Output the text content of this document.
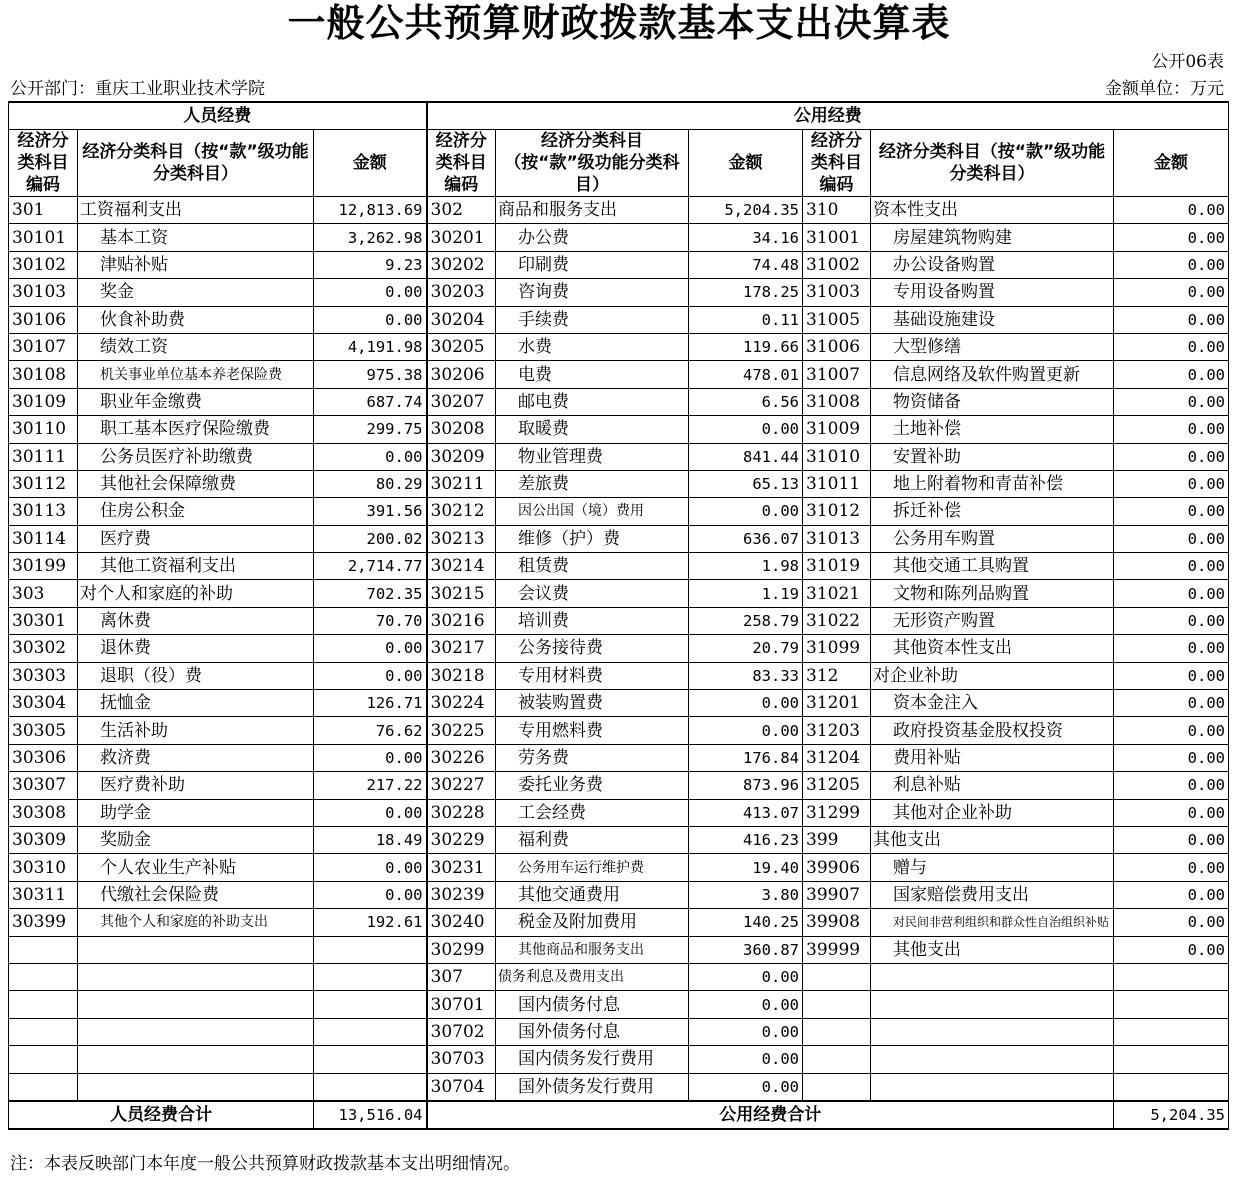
一般公共预算财政拨款基本支出决算表
公开06表
公开部门：重庆工业职业技术学院	金额单位：万元
人员经费			公用经费					
经济分类科目编码	经济分类科目（按“款”级功能分类科目）	金额	经济分类科目编码	经济分类科目（按“款”级功能分类科目）	金额	经济分类科目编码	经济分类科目（按“款”级功能分类科目）	金额
301	工资福利支出	12,813.69	302	商品和服务支出	5,204.35	310	资本性支出	0.00
30101	基本工资	3,262.98	30201	办公费	34.16	31001	房屋建筑物购建	0.00
30102	津贴补贴	9.23	30202	印刷费	74.48	31002	办公设备购置	0.00
30103	奖金	0.00	30203	咨询费	178.25	31003	专用设备购置	0.00
30106	伙食补助费	0.00	30204	手续费	0.11	31005	基础设施建设	0.00
30107	绩效工资	4,191.98	30205	水费	119.66	31006	大型修缮	0.00
30108	机关事业单位基本养老保险费	975.38	30206	电费	478.01	31007	信息网络及软件购置更新	0.00
30109	职业年金缴费	687.74	30207	邮电费	6.56	31008	物资储备	0.00
30110	职工基本医疗保险缴费	299.75	30208	取暖费	0.00	31009	土地补偿	0.00
30111	公务员医疗补助缴费	0.00	30209	物业管理费	841.44	31010	安置补助	0.00
30112	其他社会保障缴费	80.29	30211	差旅费	65.13	31011	地上附着物和青苗补偿	0.00
30113	住房公积金	391.56	30212	因公出国（境）费用	0.00	31012	拆迁补偿	0.00
30114	医疗费	200.02	30213	维修（护）费	636.07	31013	公务用车购置	0.00
30199	其他工资福利支出	2,714.77	30214	租赁费	1.98	31019	其他交通工具购置	0.00
303	对个人和家庭的补助	702.35	30215	会议费	1.19	31021	文物和陈列品购置	0.00
30301	离休费	70.70	30216	培训费	258.79	31022	无形资产购置	0.00
30302	退休费	0.00	30217	公务接待费	20.79	31099	其他资本性支出	0.00
30303	退职（役）费	0.00	30218	专用材料费	83.33	312	对企业补助	0.00
30304	抚恤金	126.71	30224	被装购置费	0.00	31201	资本金注入	0.00
30305	生活补助	76.62	30225	专用燃料费	0.00	31203	政府投资基金股权投资	0.00
30306	救济费	0.00	30226	劳务费	176.84	31204	费用补贴	0.00
30307	医疗费补助	217.22	30227	委托业务费	873.96	31205	利息补贴	0.00
30308	助学金	0.00	30228	工会经费	413.07	31299	其他对企业补助	0.00
30309	奖励金	18.49	30229	福利费	416.23	399	其他支出	0.00
30310	个人农业生产补贴	0.00	30231	公务用车运行维护费	19.40	39906	赠与	0.00
30311	代缴社会保险费	0.00	30239	其他交通费用	3.80	39907	国家赔偿费用支出	0.00
30399	其他个人和家庭的补助支出	192.61	30240	税金及附加费用	140.25	39908	对民间非营利组织和群众性自治组织补贴	0.00
			30299	其他商品和服务支出	360.87	39999	其他支出	0.00
			307	债务利息及费用支出	0.00			
			30701	国内债务付息	0.00			
			30702	国外债务付息	0.00			
			30703	国内债务发行费用	0.00			
			30704	国外债务发行费用	0.00			
人员经费合计		13,516.04	公用经费合计					5,204.35
注：本表反映部门本年度一般公共预算财政拨款基本支出明细情况。
